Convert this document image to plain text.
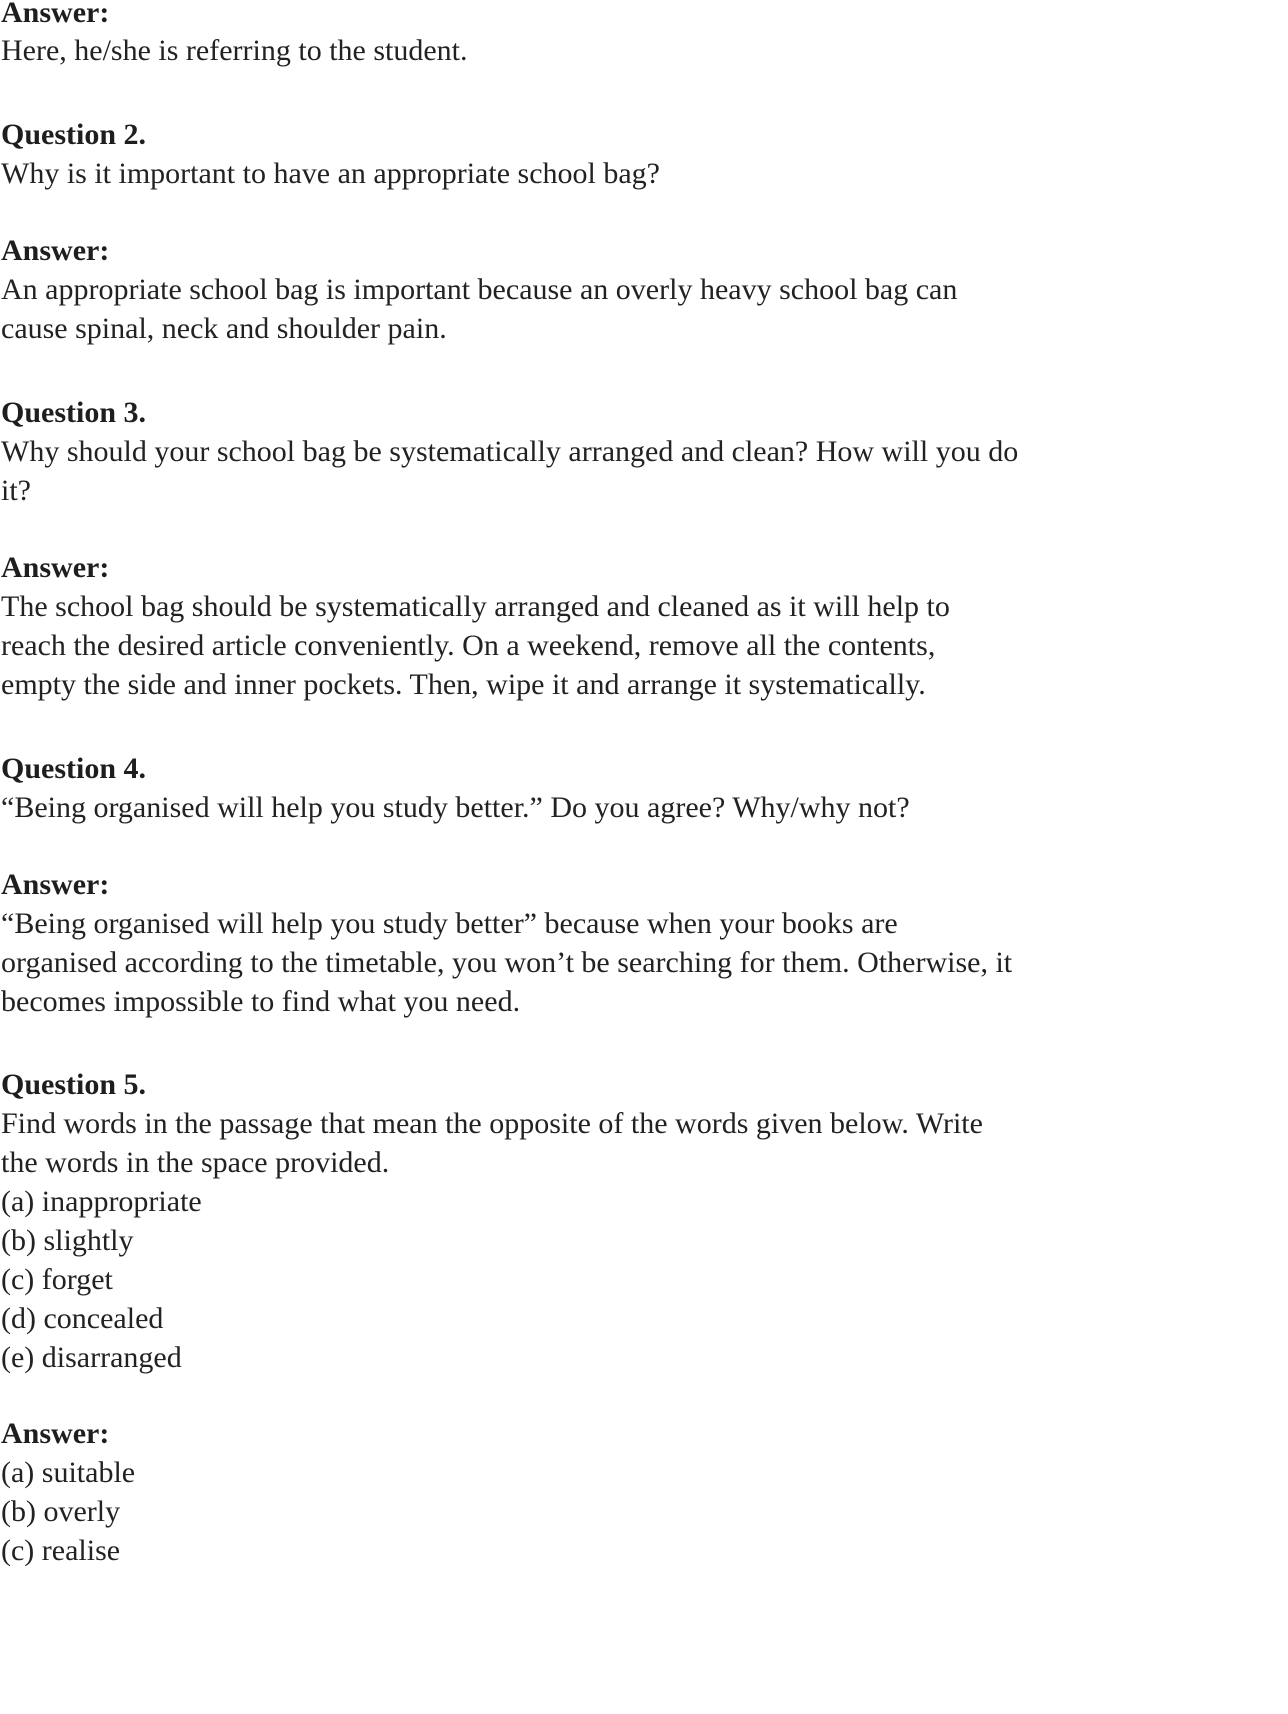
Answer:
Here, he/she is referring to the student.
Question 2.
Why is it important to have an appropriate school bag?
Answer:
An appropriate school bag is important because an overly heavy school bag can
cause spinal, neck and shoulder pain.
Question 3.
Why should your school bag be systematically arranged and clean? How will you do
it?
Answer:
The school bag should be systematically arranged and cleaned as it will help to
reach the desired article conveniently. On a weekend, remove all the contents,
empty the side and inner pockets. Then, wipe it and arrange it systematically.
Question 4.
“Being organised will help you study better.” Do you agree? Why/why not?
Answer:
“Being organised will help you study better” because when your books are
organised according to the timetable, you won’t be searching for them. Otherwise, it
becomes impossible to find what you need.
Question 5.
Find words in the passage that mean the opposite of the words given below. Write
the words in the space provided.
(a) inappropriate
(b) slightly
(c) forget
(d) concealed
(e) disarranged
Answer:
(a) suitable
(b) overly
(c) realise
